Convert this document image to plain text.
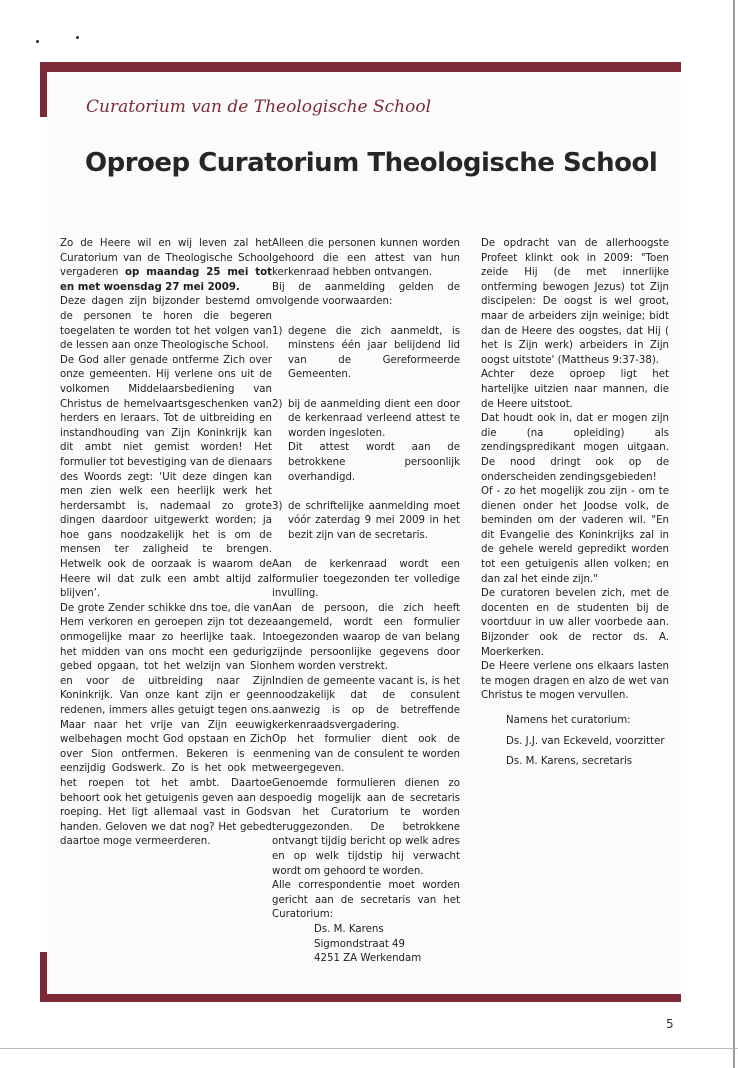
Curatorium van de Theologische School
Oproep Curatorium Theologische School

Zo de Heere wil en wij leven zal het Curatorium van de Theologische School vergaderen op maandag 25 mei tot en met woensdag 27 mei 2009.

Deze dagen zijn bijzonder bestemd om de personen te horen die begeren toegelaten te worden tot het volgen van de lessen aan onze Theologische School.

De God aller genade ontferme Zich over onze gemeenten. Hij verlene ons uit de volkomen Middelaarsbediening van Christus de hemelvaartsgeschenken van herders en leraars. Tot de uitbreiding en instandhouding van Zijn Koninkrijk kan dit ambt niet gemist worden! Het formulier tot bevestiging van de dienaars des Woords zegt: ‘Uit deze dingen kan men zien welk een heerlijk werk het herdersambt is, nademaal zo grote dingen daardoor uitgewerkt worden; ja hoe gans noodzakelijk het is om de mensen ter zaligheid te brengen. Hetwelk ook de oorzaak is waarom de Heere wil dat zulk een ambt altijd zal blijven’.

De grote Zender schikke dns toe, die van Hem verkoren en geroepen zijn tot deze onmogelijke maar zo heerlijke taak. In het midden van ons mocht een gedurig gebed opgaan, tot het welzijn van Sion en voor de uitbreiding naar Zijn Koninkrijk. Van onze kant zijn er geen redenen, immers alles getuigt tegen ons. Maar naar het vrije van Zijn eeuwig welbehagen mocht God opstaan en Zich over Sion ontfermen. Bekeren is een eenzijdig Godswerk. Zo is het ook met het roepen tot het ambt. Daartoe behoort ook het getuigenis geven aan de roeping. Het ligt allemaal vast in Gods handen. Geloven we dat nog? Het gebed daartoe moge vermeerderen.

Alleen die personen kunnen worden gehoord die een attest van hun kerkenraad hebben ontvangen.

Bij de aanmelding gelden de volgende voorwaarden:

1) degene die zich aanmeldt, is minstens één jaar belijdend lid van de Gereformeerde Gemeenten.
2) bij de aanmelding dient een door de kerkenraad verleend attest te worden ingesloten.
Dit attest wordt aan de betrokkene persoonlijk overhandigd.
3) de schriftelijke aanmelding moet vóór zaterdag 9 mei 2009 in het bezit zijn van de secretaris.

Aan de kerkenraad wordt een formulier toegezonden ter volledige invulling.

Aan de persoon, die zich heeft aangemeld, wordt een formulier toegezonden waarop de van belang zijnde persoonlijke gegevens door hem worden verstrekt.

Indien de gemeente vacant is, is het noodzakelijk dat de consulent aanwezig is op de betreffende kerkenraadsvergadering.

Op het formulier dient ook de mening van de consulent te worden weergegeven.

Genoemde formulieren dienen zo spoedig mogelijk aan de secretaris van het Curatorium te worden teruggezonden. De betrokkene ontvangt tijdig bericht op welk adres en op welk tijdstip hij verwacht wordt om gehoord te worden.

Alle correspondentie moet worden gericht aan de secretaris van het Curatorium:

Ds. M. Karens
Sigmondstraat 49
4251 ZA Werkendam

De opdracht van de allerhoogste Profeet klinkt ook in 2009: "Toen zeide Hij (de met innerlijke ontferming bewogen Jezus) tot Zijn discipelen: De oogst is wel groot, maar de arbeiders zijn weinige; bidt dan de Heere des oogstes, dat Hij ( het is Zijn werk) arbeiders in Zijn oogst uitstote' (Mattheus 9:37-38).

Achter deze oproep ligt het hartelijke uitzien naar mannen, die de Heere uitstoot.

Dat houdt ook in, dat er mogen zijn die (na opleiding) als zendingspredikant mogen uitgaan. De nood dringt ook op de onderscheiden zendingsgebieden!

Of - zo het mogelijk zou zijn - om te dienen onder het Joodse volk, de beminden om der vaderen wil. "En dit Evangelie des Koninkrijks zal in de gehele wereld gepredikt worden tot een getuigenis allen volken; en dan zal het einde zijn."

De curatoren bevelen zich, met de docenten en de studenten bij de voortduur in uw aller voorbede aan. Bijzonder ook de rector ds. A. Moerkerken.

De Heere verlene ons elkaars lasten te mogen dragen en alzo de wet van Christus te mogen vervullen.

Namens het curatorium:

Ds. J.J. van Eckeveld, voorzitter

Ds. M. Karens, secretaris

5
